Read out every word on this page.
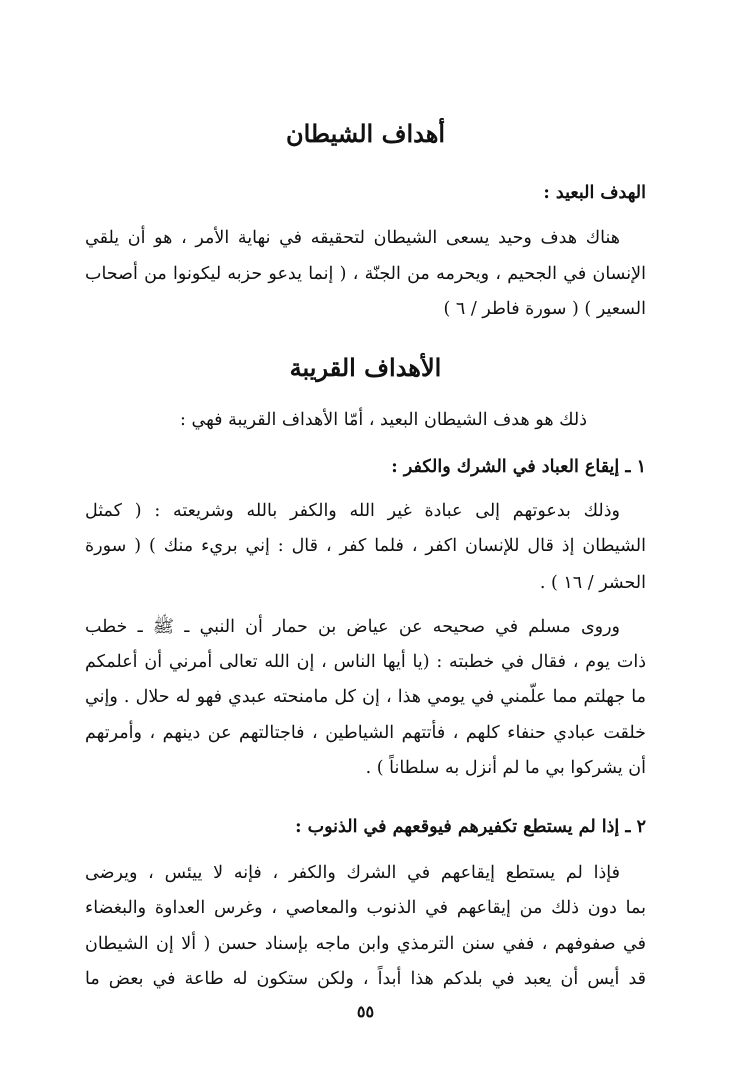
أهداف الشيطان
الهدف البعيد :
هناك هدف وحيد يسعى الشيطان لتحقيقه في نهاية الأمر ، هو أن يلقي
الإنسان في الجحيم ، ويحرمه من الجنّة ، ( إنما يدعو حزبه ليكونوا من أصحاب
السعير ) ( سورة فاطر / ٦ )
الأهداف القريبة
ذلك هو هدف الشيطان البعيد ، أمّا الأهداف القريبة فهي :
١ ـ إيقاع العباد في الشرك والكفر :
وذلك بدعوتهم إلى عبادة غير الله والكفر بالله وشريعته : ( كمثل
الشيطان إذ قال للإنسان اكفر ، فلما كفر ، قال : إني بريء منك ) ( سورة
الحشر / ١٦ ) .
وروى مسلم في صحيحه عن عياض بن حمار أن النبي ـ ﷺ ـ خطب
ذات يوم ، فقال في خطبته : (يا أيها الناس ، إن الله تعالى أمرني أن أعلمكم
ما جهلتم مما علّمني في يومي هذا ، إن كل مامنحته عبدي فهو له حلال . وإني
خلقت عبادي حنفاء كلهم ، فأتتهم الشياطين ، فاجتالتهم عن دينهم ، وأمرتهم
أن يشركوا بي ما لم أنزل به سلطاناً ) .
٢ ـ إذا لم يستطع تكفيرهم فيوقعهم في الذنوب :
فإذا لم يستطع إيقاعهم في الشرك والكفر ، فإنه لا ييئس ، ويرضى
بما دون ذلك من إيقاعهم في الذنوب والمعاصي ، وغرس العداوة والبغضاء
في صفوفهم ، ففي سنن الترمذي وابن ماجه بإسناد حسن ( ألا إن الشيطان
قد أيس أن يعبد في بلدكم هذا أبداً ، ولكن ستكون له طاعة في بعض ما
٥٥
